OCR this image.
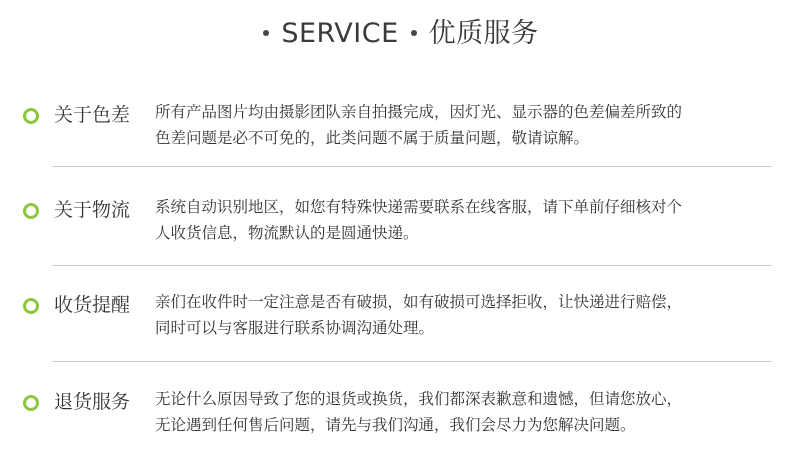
SERVICE 优质服务
关于色差 所有产品图片均由摄影团队亲自拍摄完成，因灯光、显示器的色差偏差所致的
色差问题是必不可免的，此类问题不属于质量问题，敬请谅解。
关于物流 系统自动识别地区，如您有特殊快递需要联系在线客服，请下单前仔细核对个
人收货信息，物流默认的是圆通快递。
收货提醒 亲们在收件时一定注意是否有破损，如有破损可选择拒收，让快递进行赔偿，
同时可以与客服进行联系协调沟通处理。
退货服务 无论什么原因导致了您的退货或换货，我们都深表歉意和遗憾，但请您放心，
无论遇到任何售后问题，请先与我们沟通，我们会尽力为您解决问题。
